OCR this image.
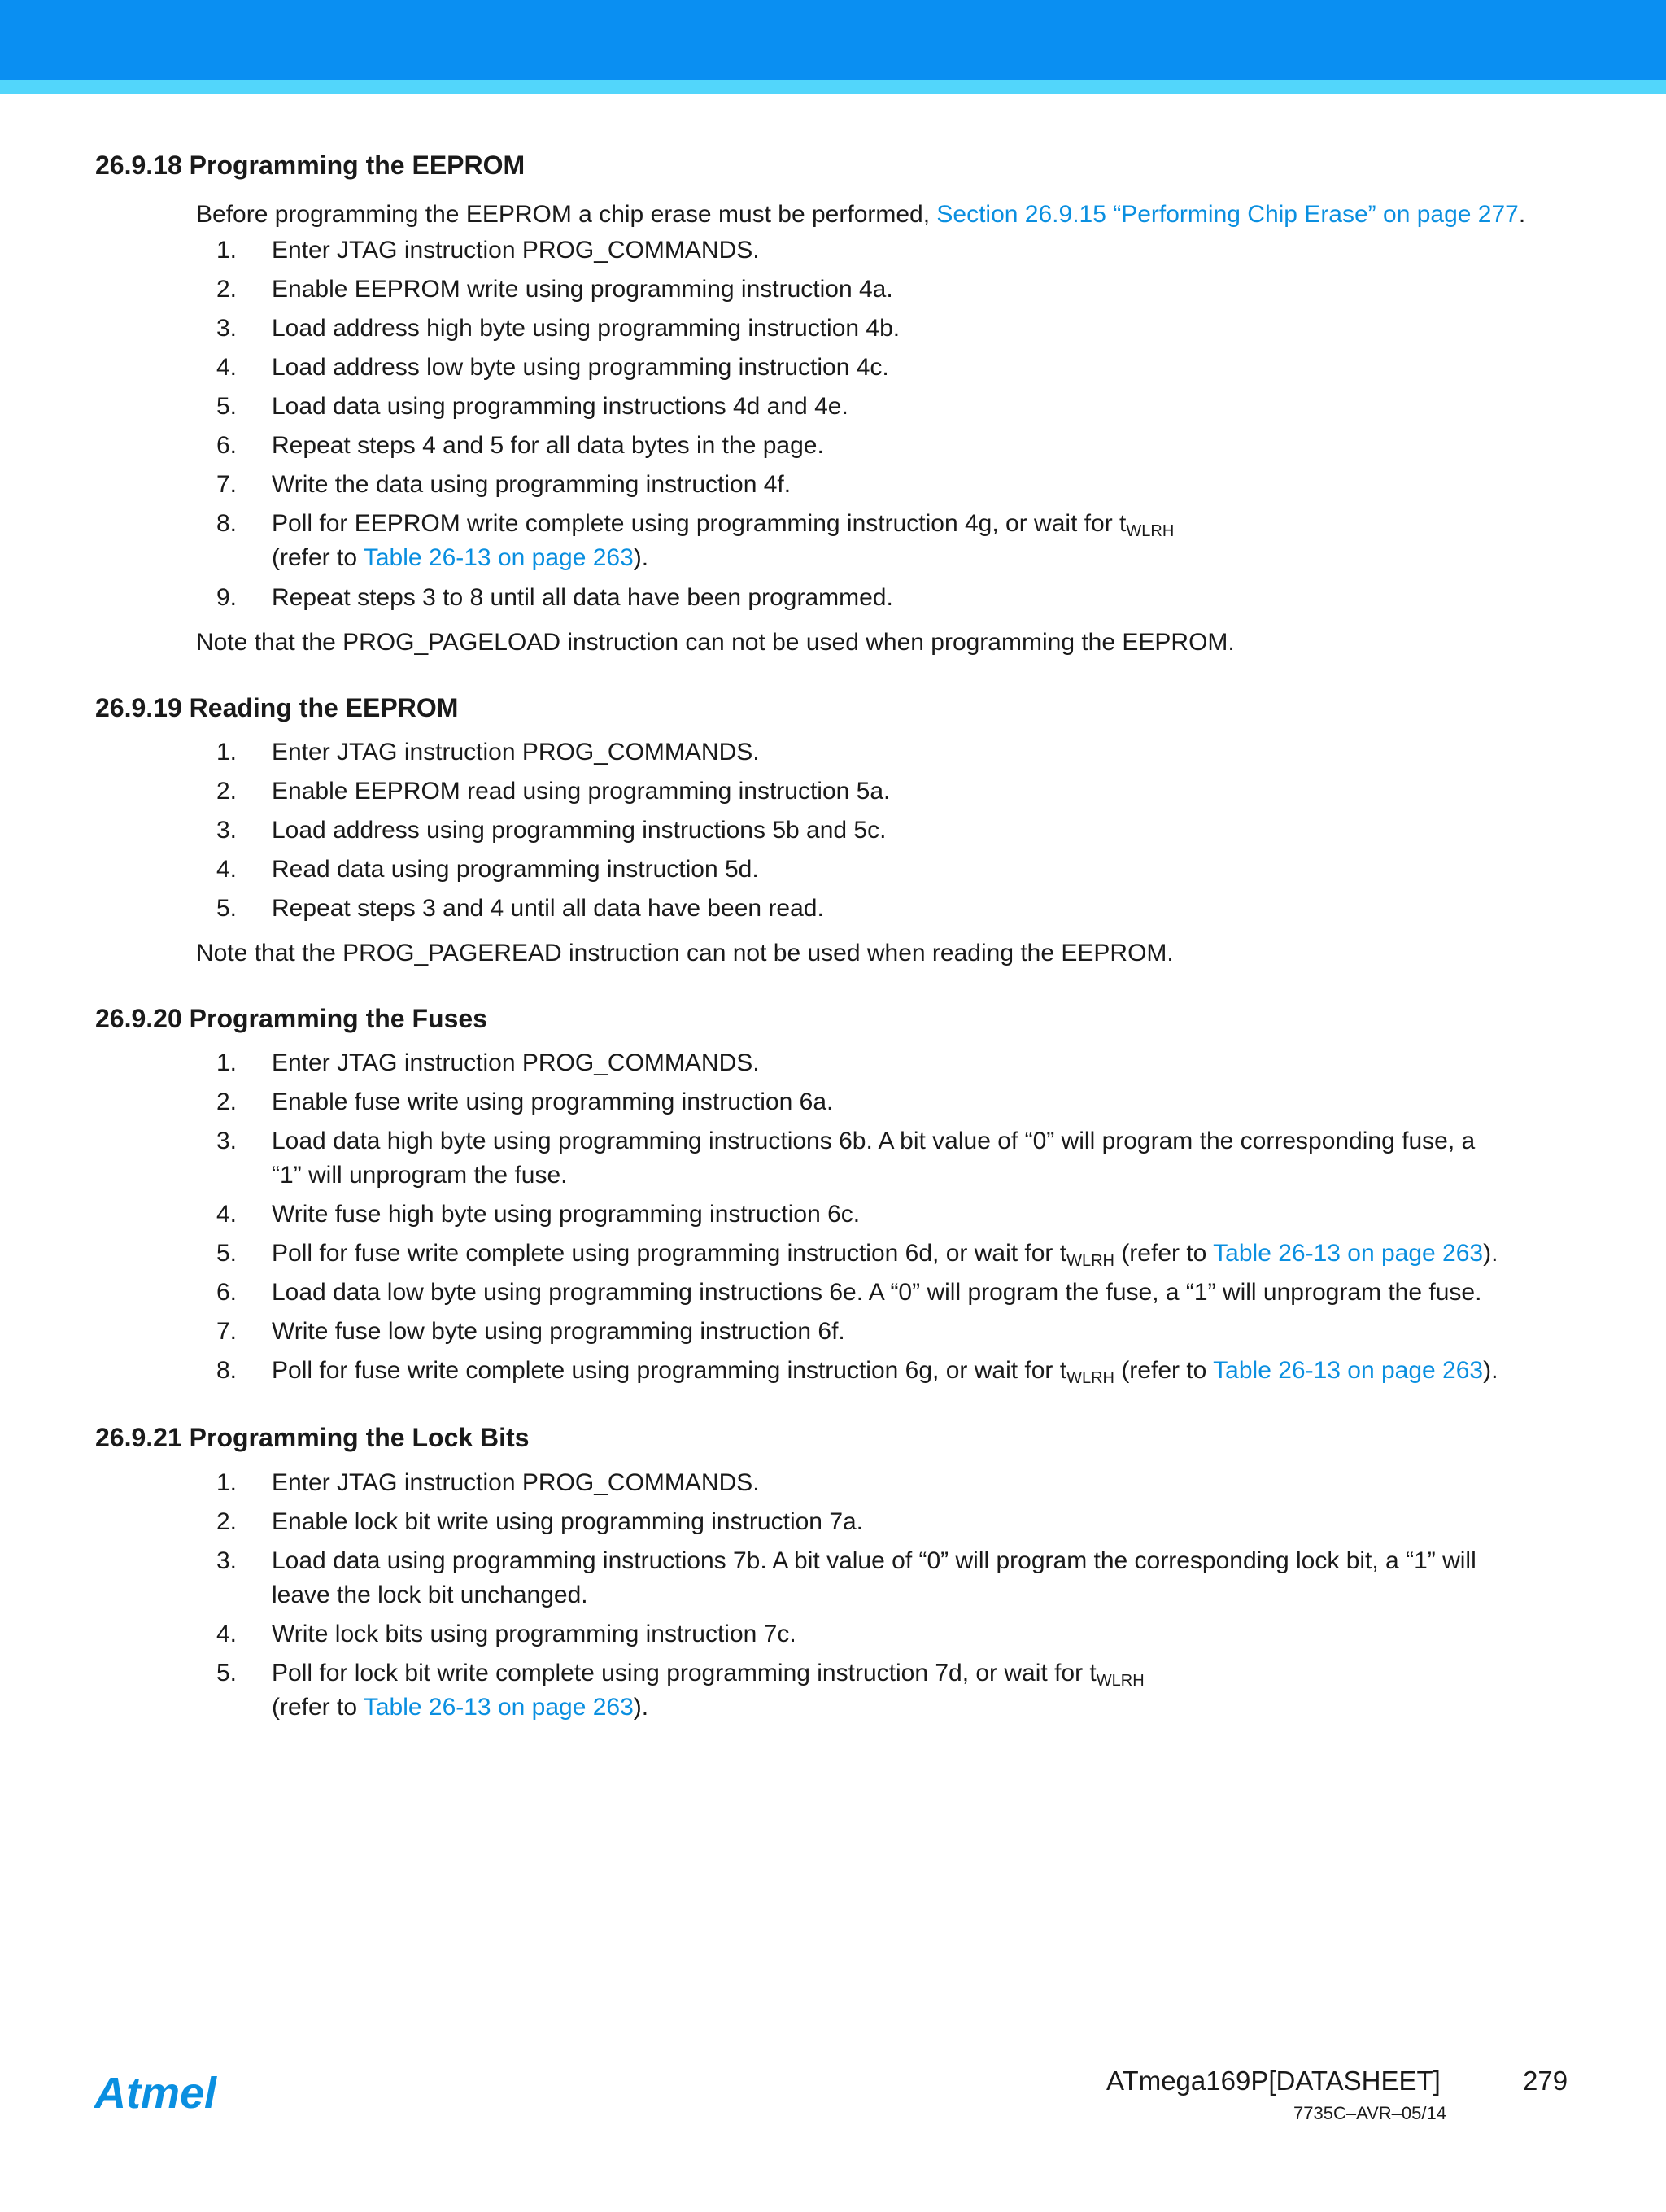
26.9.18 Programming the EEPROM

Before programming the EEPROM a chip erase must be performed, Section 26.9.15 “Performing Chip Erase” on page 277.

1.	Enter JTAG instruction PROG_COMMANDS.
2.	Enable EEPROM write using programming instruction 4a.
3.	Load address high byte using programming instruction 4b.
4.	Load address low byte using programming instruction 4c.
5.	Load data using programming instructions 4d and 4e.
6.	Repeat steps 4 and 5 for all data bytes in the page.
7.	Write the data using programming instruction 4f.
8.	Poll for EEPROM write complete using programming instruction 4g, or wait for $t_{WLRH}$
(refer to Table 26-13 on page 263).
9.	Repeat steps 3 to 8 until all data have been programmed.

Note that the PROG_PAGELOAD instruction can not be used when programming the EEPROM.

26.9.19 Reading the EEPROM
1.	Enter JTAG instruction PROG_COMMANDS.
2.	Enable EEPROM read using programming instruction 5a.
3.	Load address using programming instructions 5b and 5c.
4.	Read data using programming instruction 5d.
5.	Repeat steps 3 and 4 until all data have been read.

Note that the PROG_PAGEREAD instruction can not be used when reading the EEPROM.

26.9.20 Programming the Fuses
1.	Enter JTAG instruction PROG_COMMANDS.
2.	Enable fuse write using programming instruction 6a.
3.	Load data high byte using programming instructions 6b. A bit value of “0” will program the corresponding fuse, a
“1” will unprogram the fuse.
4.	Write fuse high byte using programming instruction 6c.
5.	Poll for fuse write complete using programming instruction 6d, or wait for $t_{WLRH}$ (refer to Table 26-13 on page 263).
6.	Load data low byte using programming instructions 6e. A “0” will program the fuse, a “1” will unprogram the fuse.
7.	Write fuse low byte using programming instruction 6f.
8.	Poll for fuse write complete using programming instruction 6g, or wait for $t_{WLRH}$ (refer to Table 26-13 on page 263).
26.9.21 Programming the Lock Bits
1.	Enter JTAG instruction PROG_COMMANDS.
2.	Enable lock bit write using programming instruction 7a.
3.	Load data using programming instructions 7b. A bit value of “0” will program the corresponding lock bit, a “1” will
leave the lock bit unchanged.
4.	Write lock bits using programming instruction 7c.
5.	Poll for lock bit write complete using programming instruction 7d, or wait for $t_{WLRH}$
(refer to Table 26-13 on page 263).
Atmel	ATmega169P[DATASHEET]	279
7735C–AVR–05/14
